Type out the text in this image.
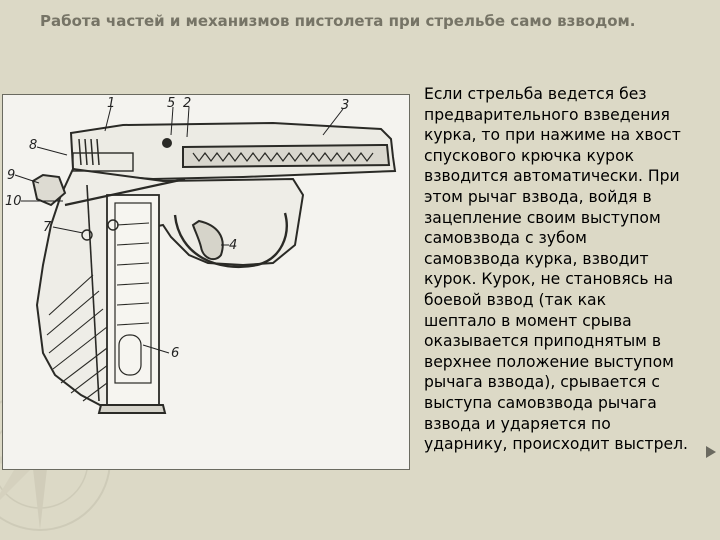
Работа частей и механизмов пистолета при стрельбе само взводом.
1	5 2	3
8
9
10
7
4
6
Если стрельба ведется без
предварительного взведения
курка, то при нажиме на хвост
спускового крючка курок
взводится автоматически. При
этом рычаг взвода, войдя в
зацепление своим выступом
самовзвода с зубом
самовзвода курка, взводит
курок. Курок, не становясь на
боевой взвод (так как
шептало в момент срыва
оказывается приподнятым в
верхнее положение выступом
рычага взвода), срывается с
выступа самовзвода рычага
взвода и ударяется по
ударнику, происходит выстрел.
